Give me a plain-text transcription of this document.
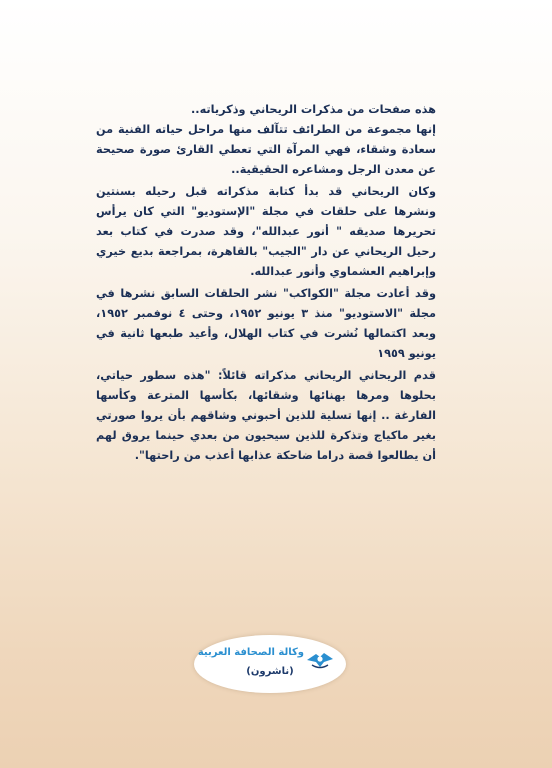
هذه صفحات من مذكرات الريحاني وذكرياته..
إنها مجموعة من الطرائف تتآلف منها مراحل حياته الفنية من سعادة وشقاء، فهي المرآة التي تعطي القارئ صورة صحيحة عن معدن الرجل ومشاعره الحقيقية..

وكان الريحاني قد بدأ كتابة مذكراته قبل رحيله بسنتين ونشرها على حلقات في مجلة "الإستوديو" التي كان يرأس تحريرها صديقه " أنور عبدالله"، وقد صدرت في كتاب بعد رحيل الريحاني عن دار "الجيب" بالقاهرة، بمراجعة بديع خيري وإبراهيم العشماوي وأنور عبدالله.

وقد أعادت مجلة "الكواكب" نشر الحلقات السابق نشرها في مجلة "الاستوديو" منذ ٣ يونيو ١٩٥٢، وحتى ٤ نوفمبر ١٩٥٢، وبعد اكتمالها نُشرت في كتاب الهلال، وأعيد طبعها ثانية في يونيو ١٩٥٩

قدم الريحاني الريحاني مذكراته قائلاً: "هذه سطور حياتي، بحلوها ومرها بهنائها وشقائها، بكأسها المترعة وكأسها الفارغة .. إنها تسلية للذين أحبوني وشاقهم بأن يروا صورتي بغير ماكياج وتذكرة للذين سيحيون من بعدي حينما يروق لهم أن يطالعوا قصة دراما ضاحكة عذابها أعذب من راحتها".

وكالة الصحافة العربية
(ناشرون)
